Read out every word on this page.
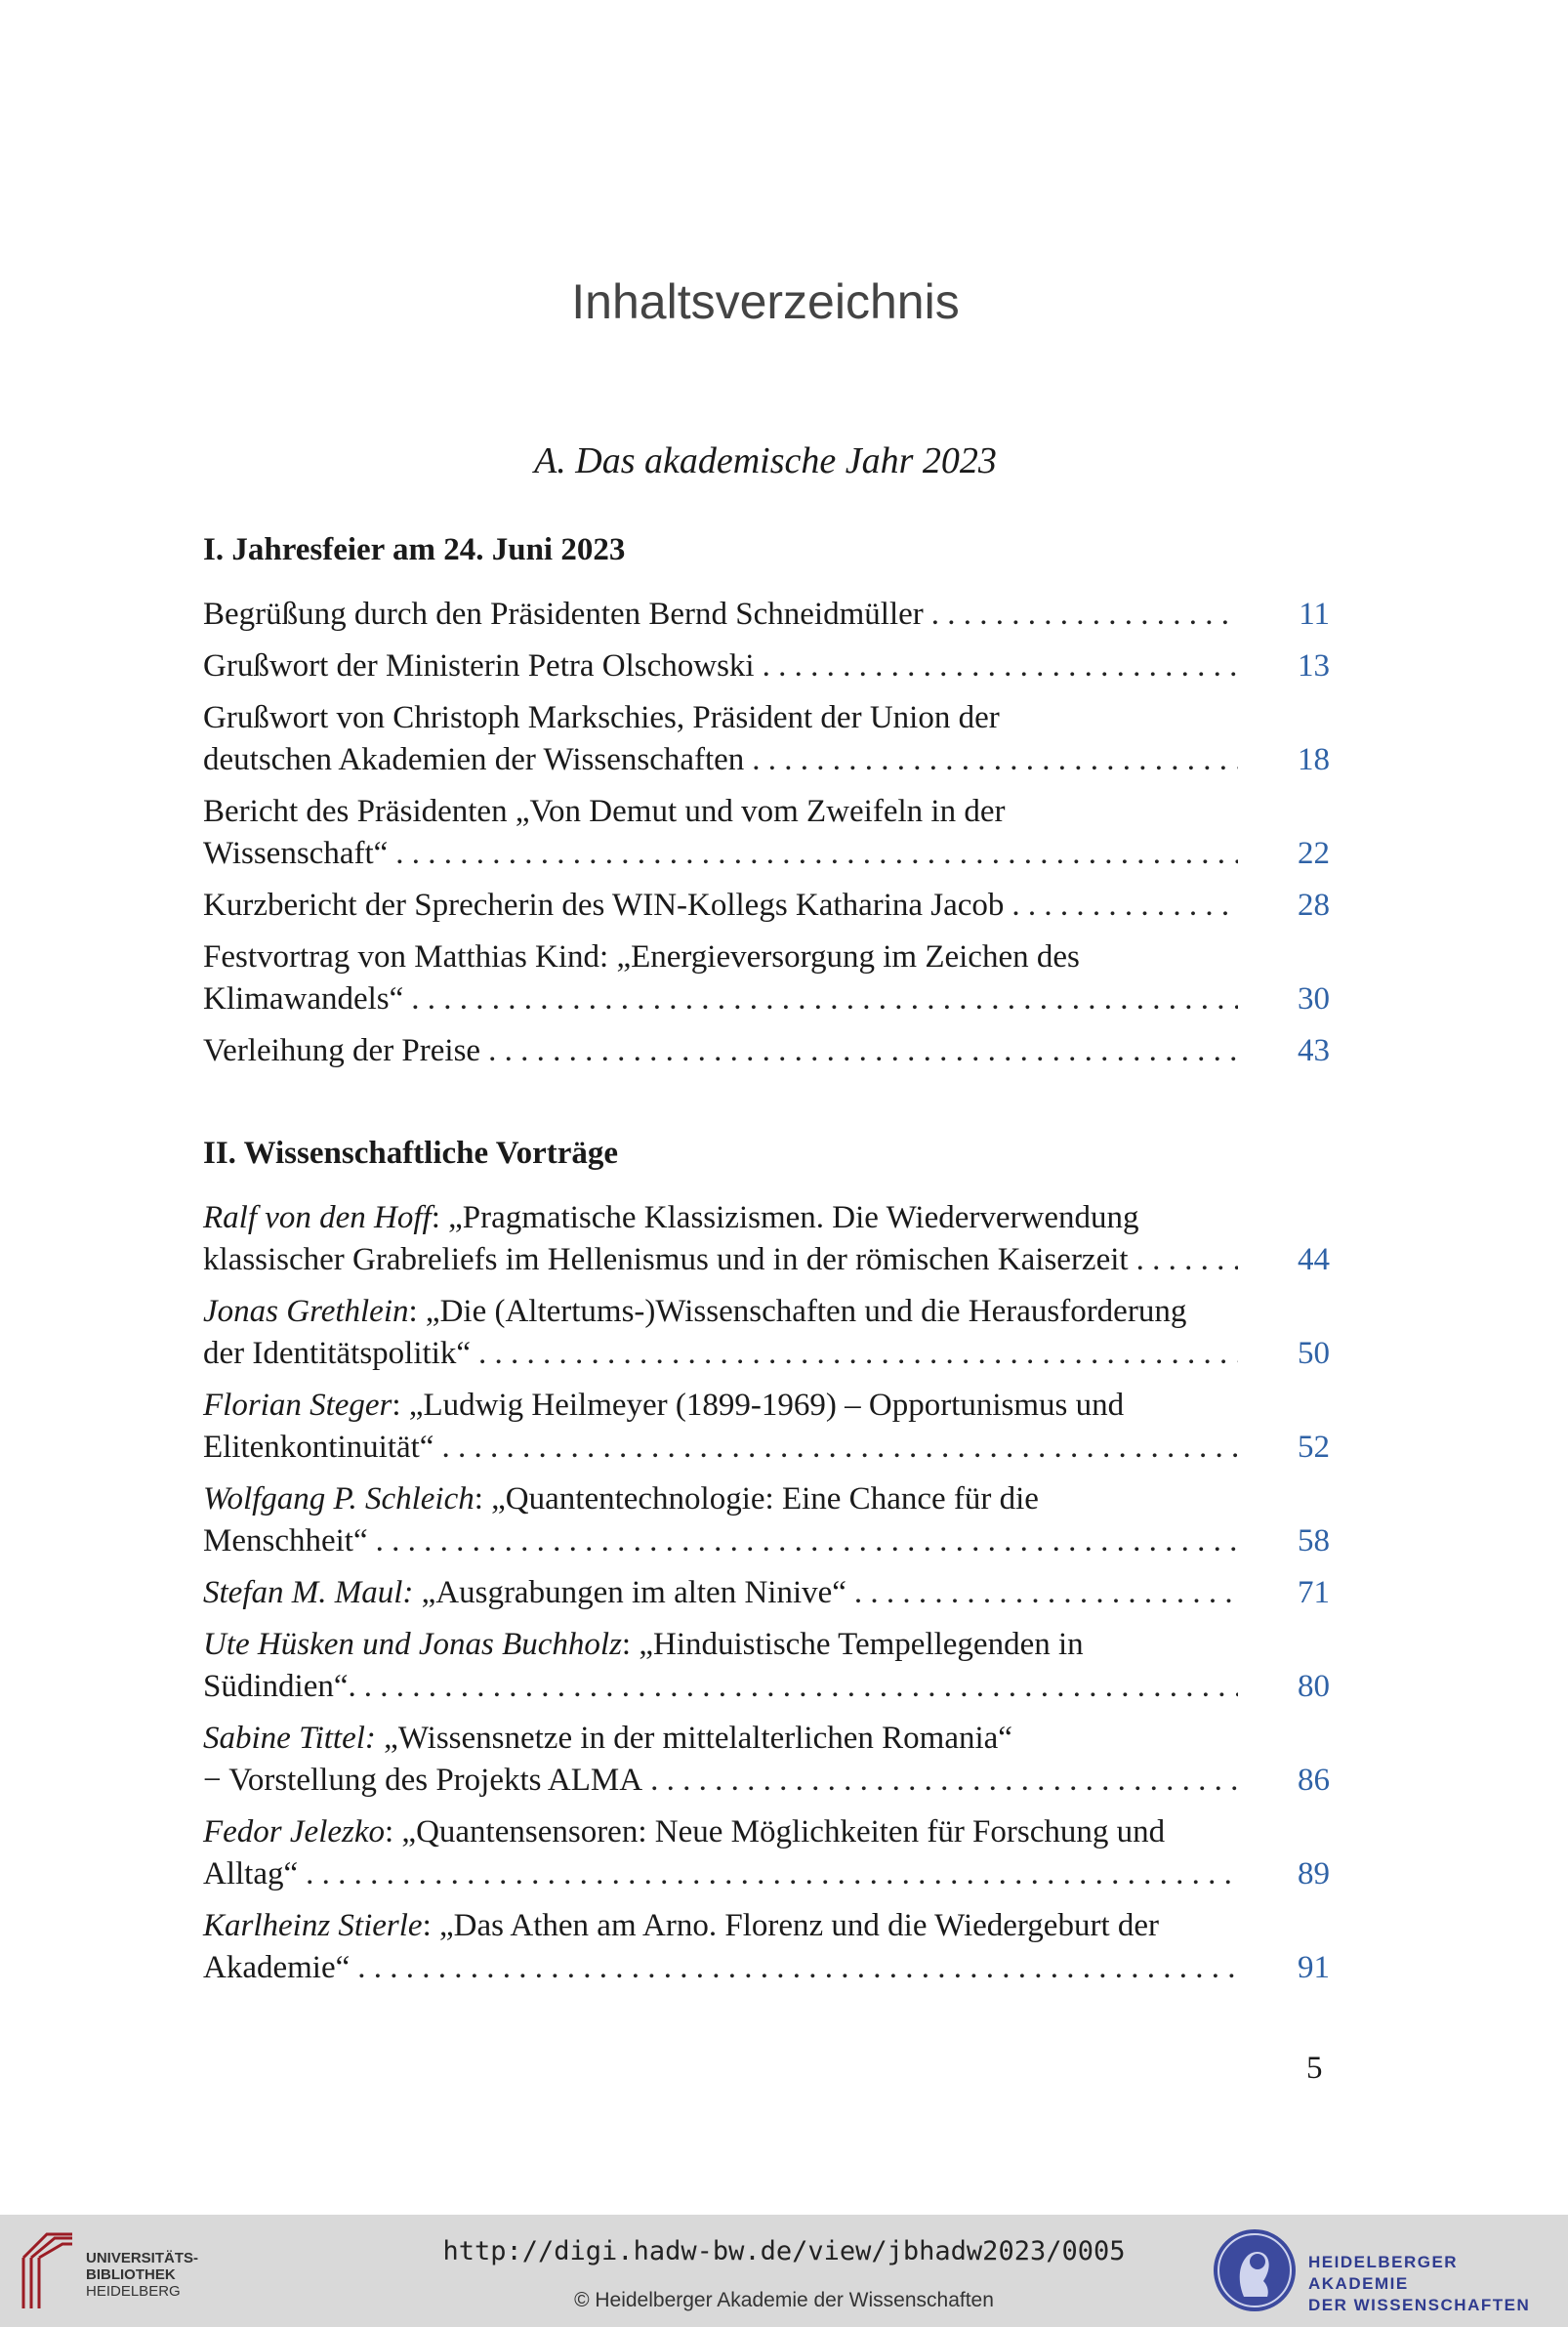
Inhaltsverzeichnis
A. Das akademische Jahr 2023
I. Jahresfeier am 24. Juni 2023
Begrüßung durch den Präsidenten Bernd Schneidmüller . . .	11
Grußwort der Ministerin Petra Olschowski . . .	13
Grußwort von Christoph Markschies, Präsident der Union der
deutschen Akademien der Wissenschaften . . .	18
Bericht des Präsidenten „Von Demut und vom Zweifeln in der
Wissenschaft“ . . .	22
Kurzbericht der Sprecherin des WIN-Kollegs Katharina Jacob . . .	28
Festvortrag von Matthias Kind: „Energieversorgung im Zeichen des
Klimawandels“ . . .	30
Verleihung der Preise . . .	43
II. Wissenschaftliche Vorträge
Ralf von den Hoff: „Pragmatische Klassizismen. Die Wiederverwendung
klassischer Grabreliefs im Hellenismus und in der römischen Kaiserzeit . . .	44
Jonas Grethlein: „Die (Altertums-)Wissenschaften und die Herausforderung
der Identitätspolitik“ . . .	50
Florian Steger: „Ludwig Heilmeyer (1899-1969) – Opportunismus und
Elitenkontinuität“ . . .	52
Wolfgang P. Schleich: „Quantentechnologie: Eine Chance für die
Menschheit“ . . .	58
Stefan M. Maul: „Ausgrabungen im alten Ninive“ . . .	71
Ute Hüsken und Jonas Buchholz: „Hinduistische Tempellegenden in
Südindien“. . . .	80
Sabine Tittel: „Wissensnetze in der mittelalterlichen Romania“
− Vorstellung des Projekts ALMA . . .	86
Fedor Jelezko: „Quantensensoren: Neue Möglichkeiten für Forschung und
Alltag“ . . .	89
Karlheinz Stierle: „Das Athen am Arno. Florenz und die Wiedergeburt der
Akademie“ . . .	91
5
UNIVERSITÄTS-
BIBLIOTHEK
HEIDELBERG
http://digi.hadw-bw.de/view/jbhadw2023/0005
© Heidelberger Akademie der Wissenschaften
HEIDELBERGER AKADEMIE
DER WISSENSCHAFTEN
